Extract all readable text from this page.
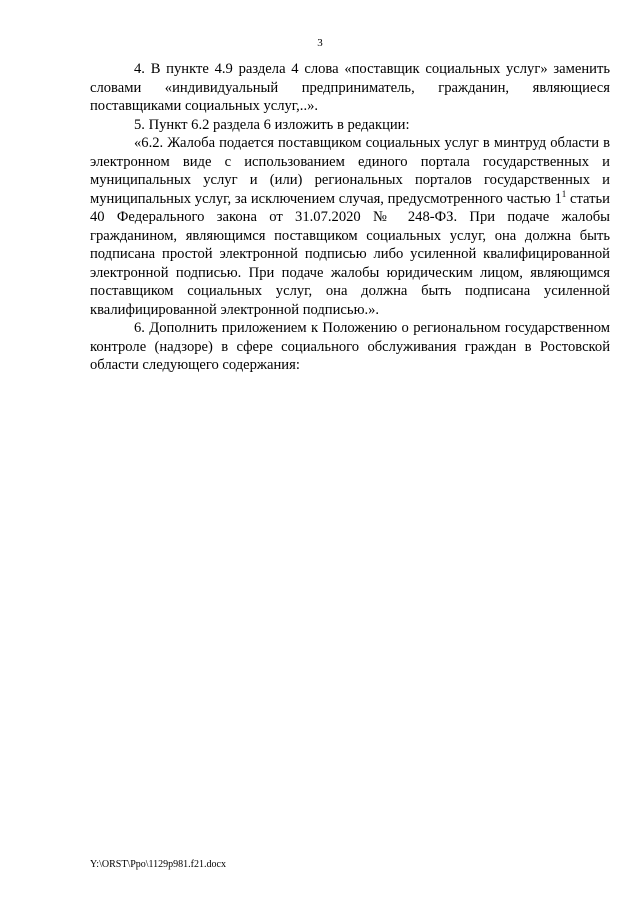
3

4. В пункте 4.9 раздела 4 слова «поставщик социальных услуг» заменить словами «индивидуальный предприниматель, гражданин, являющиеся поставщиками социальных услуг,..».

5. Пункт 6.2 раздела 6 изложить в редакции:

«6.2. Жалоба подается поставщиком социальных услуг в минтруд области в электронном виде с использованием единого портала государственных и муниципальных услуг и (или) региональных порталов государственных и муниципальных услуг, за исключением случая, предусмотренного частью $1^1$ статьи 40 Федерального закона от 31.07.2020 № 248-ФЗ. При подаче жалобы гражданином, являющимся поставщиком социальных услуг, она должна быть подписана простой электронной подписью либо усиленной квалифицированной электронной подписью. При подаче жалобы юридическим лицом, являющимся поставщиком социальных услуг, она должна быть подписана усиленной квалифицированной электронной подписью.».

6. Дополнить приложением к Положению о региональном государственном контроле (надзоре) в сфере социального обслуживания граждан в Ростовской области следующего содержания:

Y:\ORST\Ppo\1129p981.f21.docx
